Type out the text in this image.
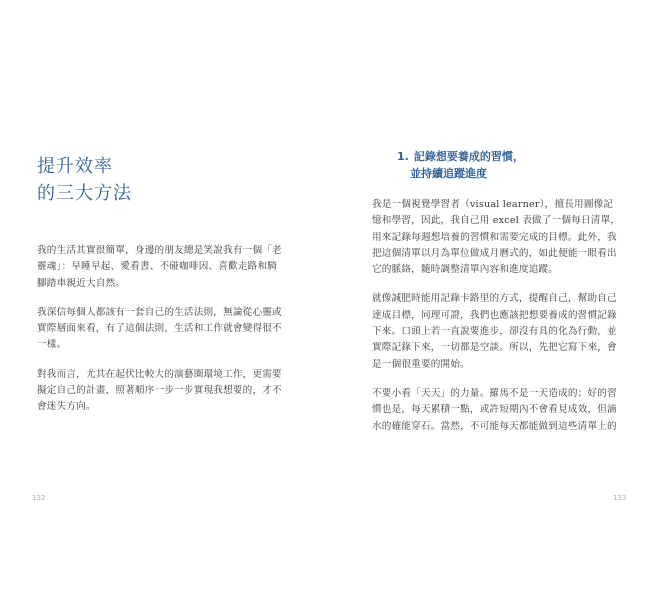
提升效率
的三大方法

我的生活其實很簡單，身邊的朋友總是笑說我有一個「老
靈魂」：早睡早起、愛看書、不碰咖啡因、喜歡走路和騎
腳踏車親近大自然。

我深信每個人都該有一套自己的生活法則，無論從心靈或
實際層面來看，有了這個法則，生活和工作就會變得很不
一樣。

對我而言，尤其在起伏比較大的演藝圈環境工作，更需要
擬定自己的計畫，照著順序一步一步實現我想要的，才不
會迷失方向。

132
1. 記錄想要養成的習慣，
並持續追蹤進度

我是一個視覺學習者（visual learner），擅長用圖像記
憶和學習，因此，我自己用 excel 表做了一個每日清單，
用來記錄每週想培養的習慣和需要完成的目標。此外，我
把這個清單以月為單位做成月曆式的，如此便能一眼看出
它的脈絡，隨時調整清單內容和進度追蹤。

就像誠肥時能用記錄卡路里的方式，提醒自己，幫助自己
達成目標，同理可證，我們也應該把想要養成的習慣記錄
下來。口頭上若一直說要進步，卻沒有具的化為行動，並
實際記錄下來，一切都是空談。所以，先把它寫下來，會
是一個很重要的開始。

不要小看「天天」的力量。羅馬不是一天造成的；好的習
慣也是，每天累積一點，或許短期內不會看見成效，但滴
水的確能穿石。當然，不可能每天都能做到這些清單上的

133
